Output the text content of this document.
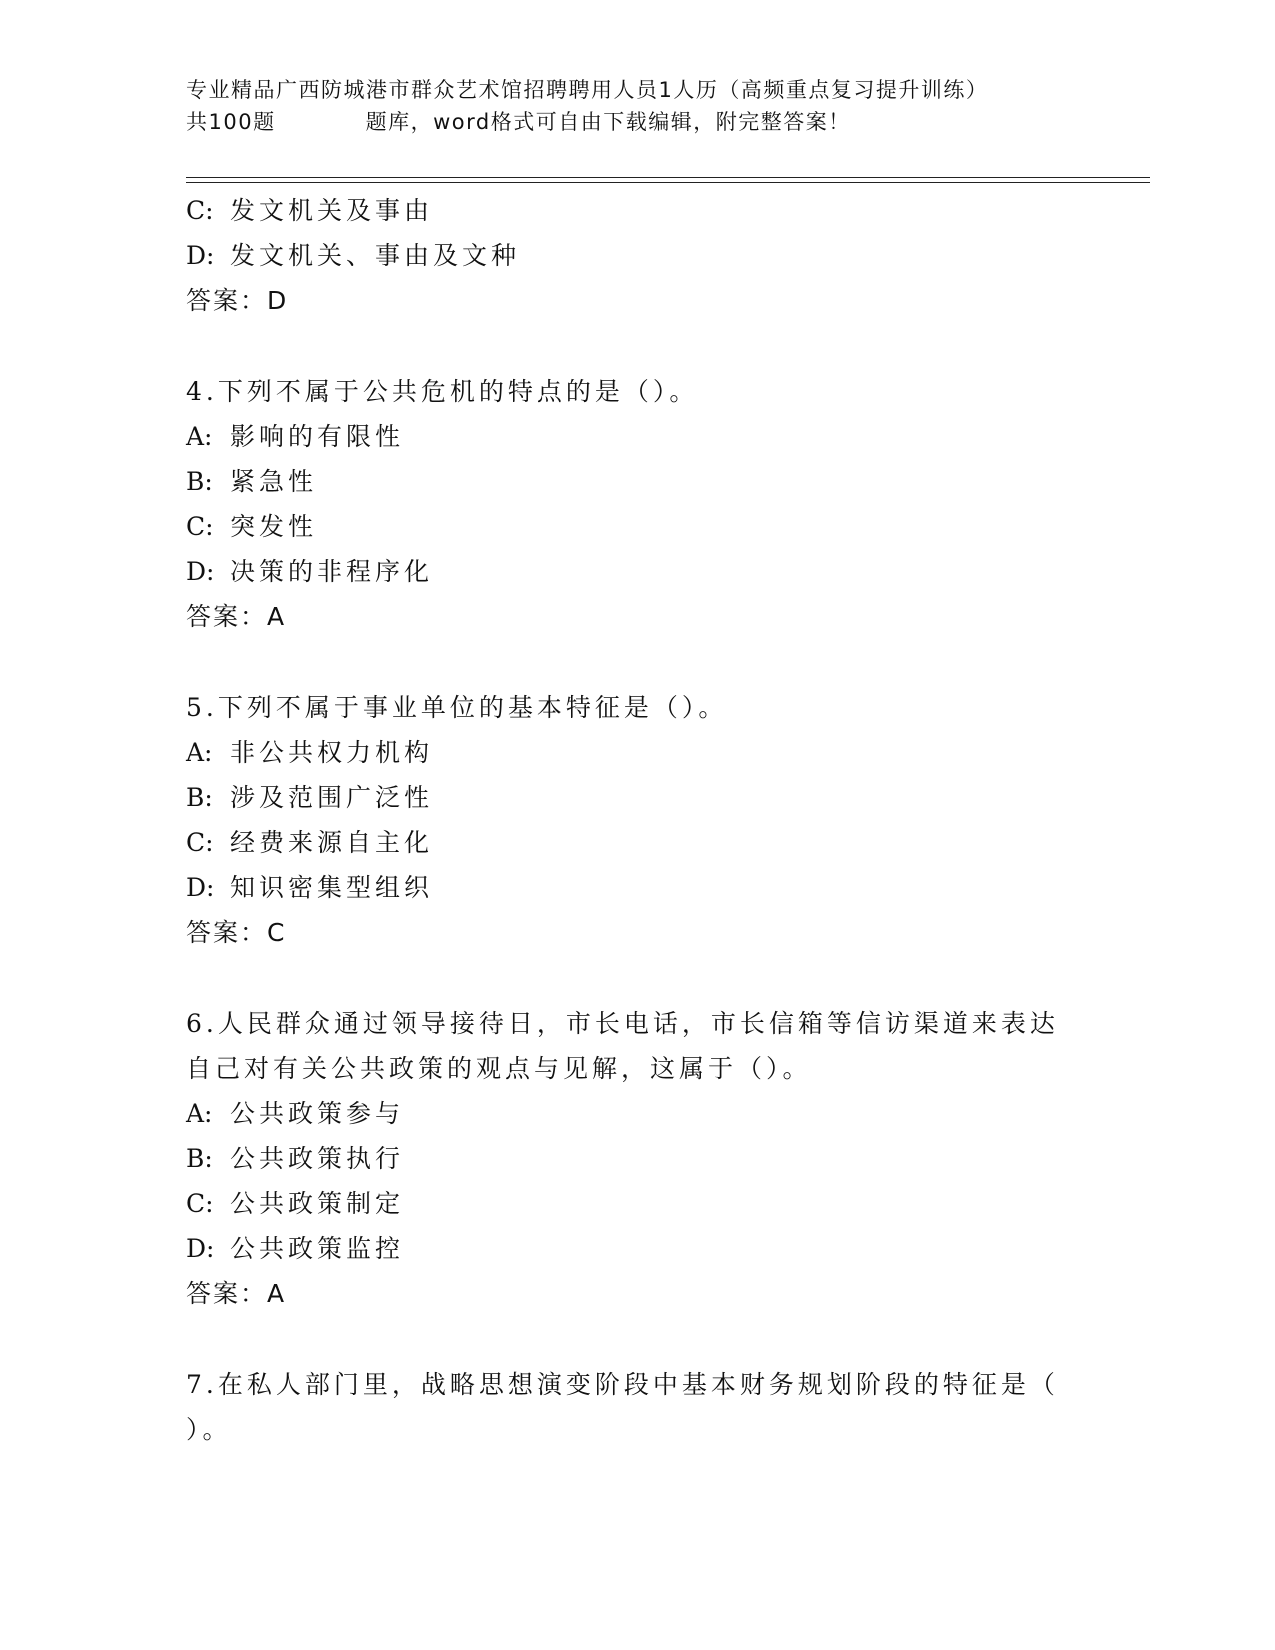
专业精品广西防城港市群众艺术馆招聘聘用人员1人历（高频重点复习提升训练）
共100题	题库，word格式可自由下载编辑，附完整答案！
C: 发文机关及事由
D: 发文机关、事由及文种
答案：D
4.下列不属于公共危机的特点的是（）。
A: 影响的有限性
B: 紧急性
C: 突发性
D: 决策的非程序化
答案：A
5.下列不属于事业单位的基本特征是（）。
A: 非公共权力机构
B: 涉及范围广泛性
C: 经费来源自主化
D: 知识密集型组织
答案：C
6.人民群众通过领导接待日，市长电话，市长信箱等信访渠道来表达
自己对有关公共政策的观点与见解，这属于（）。
A: 公共政策参与
B: 公共政策执行
C: 公共政策制定
D: 公共政策监控
答案：A
7.在私人部门里，战略思想演变阶段中基本财务规划阶段的特征是（
）。
